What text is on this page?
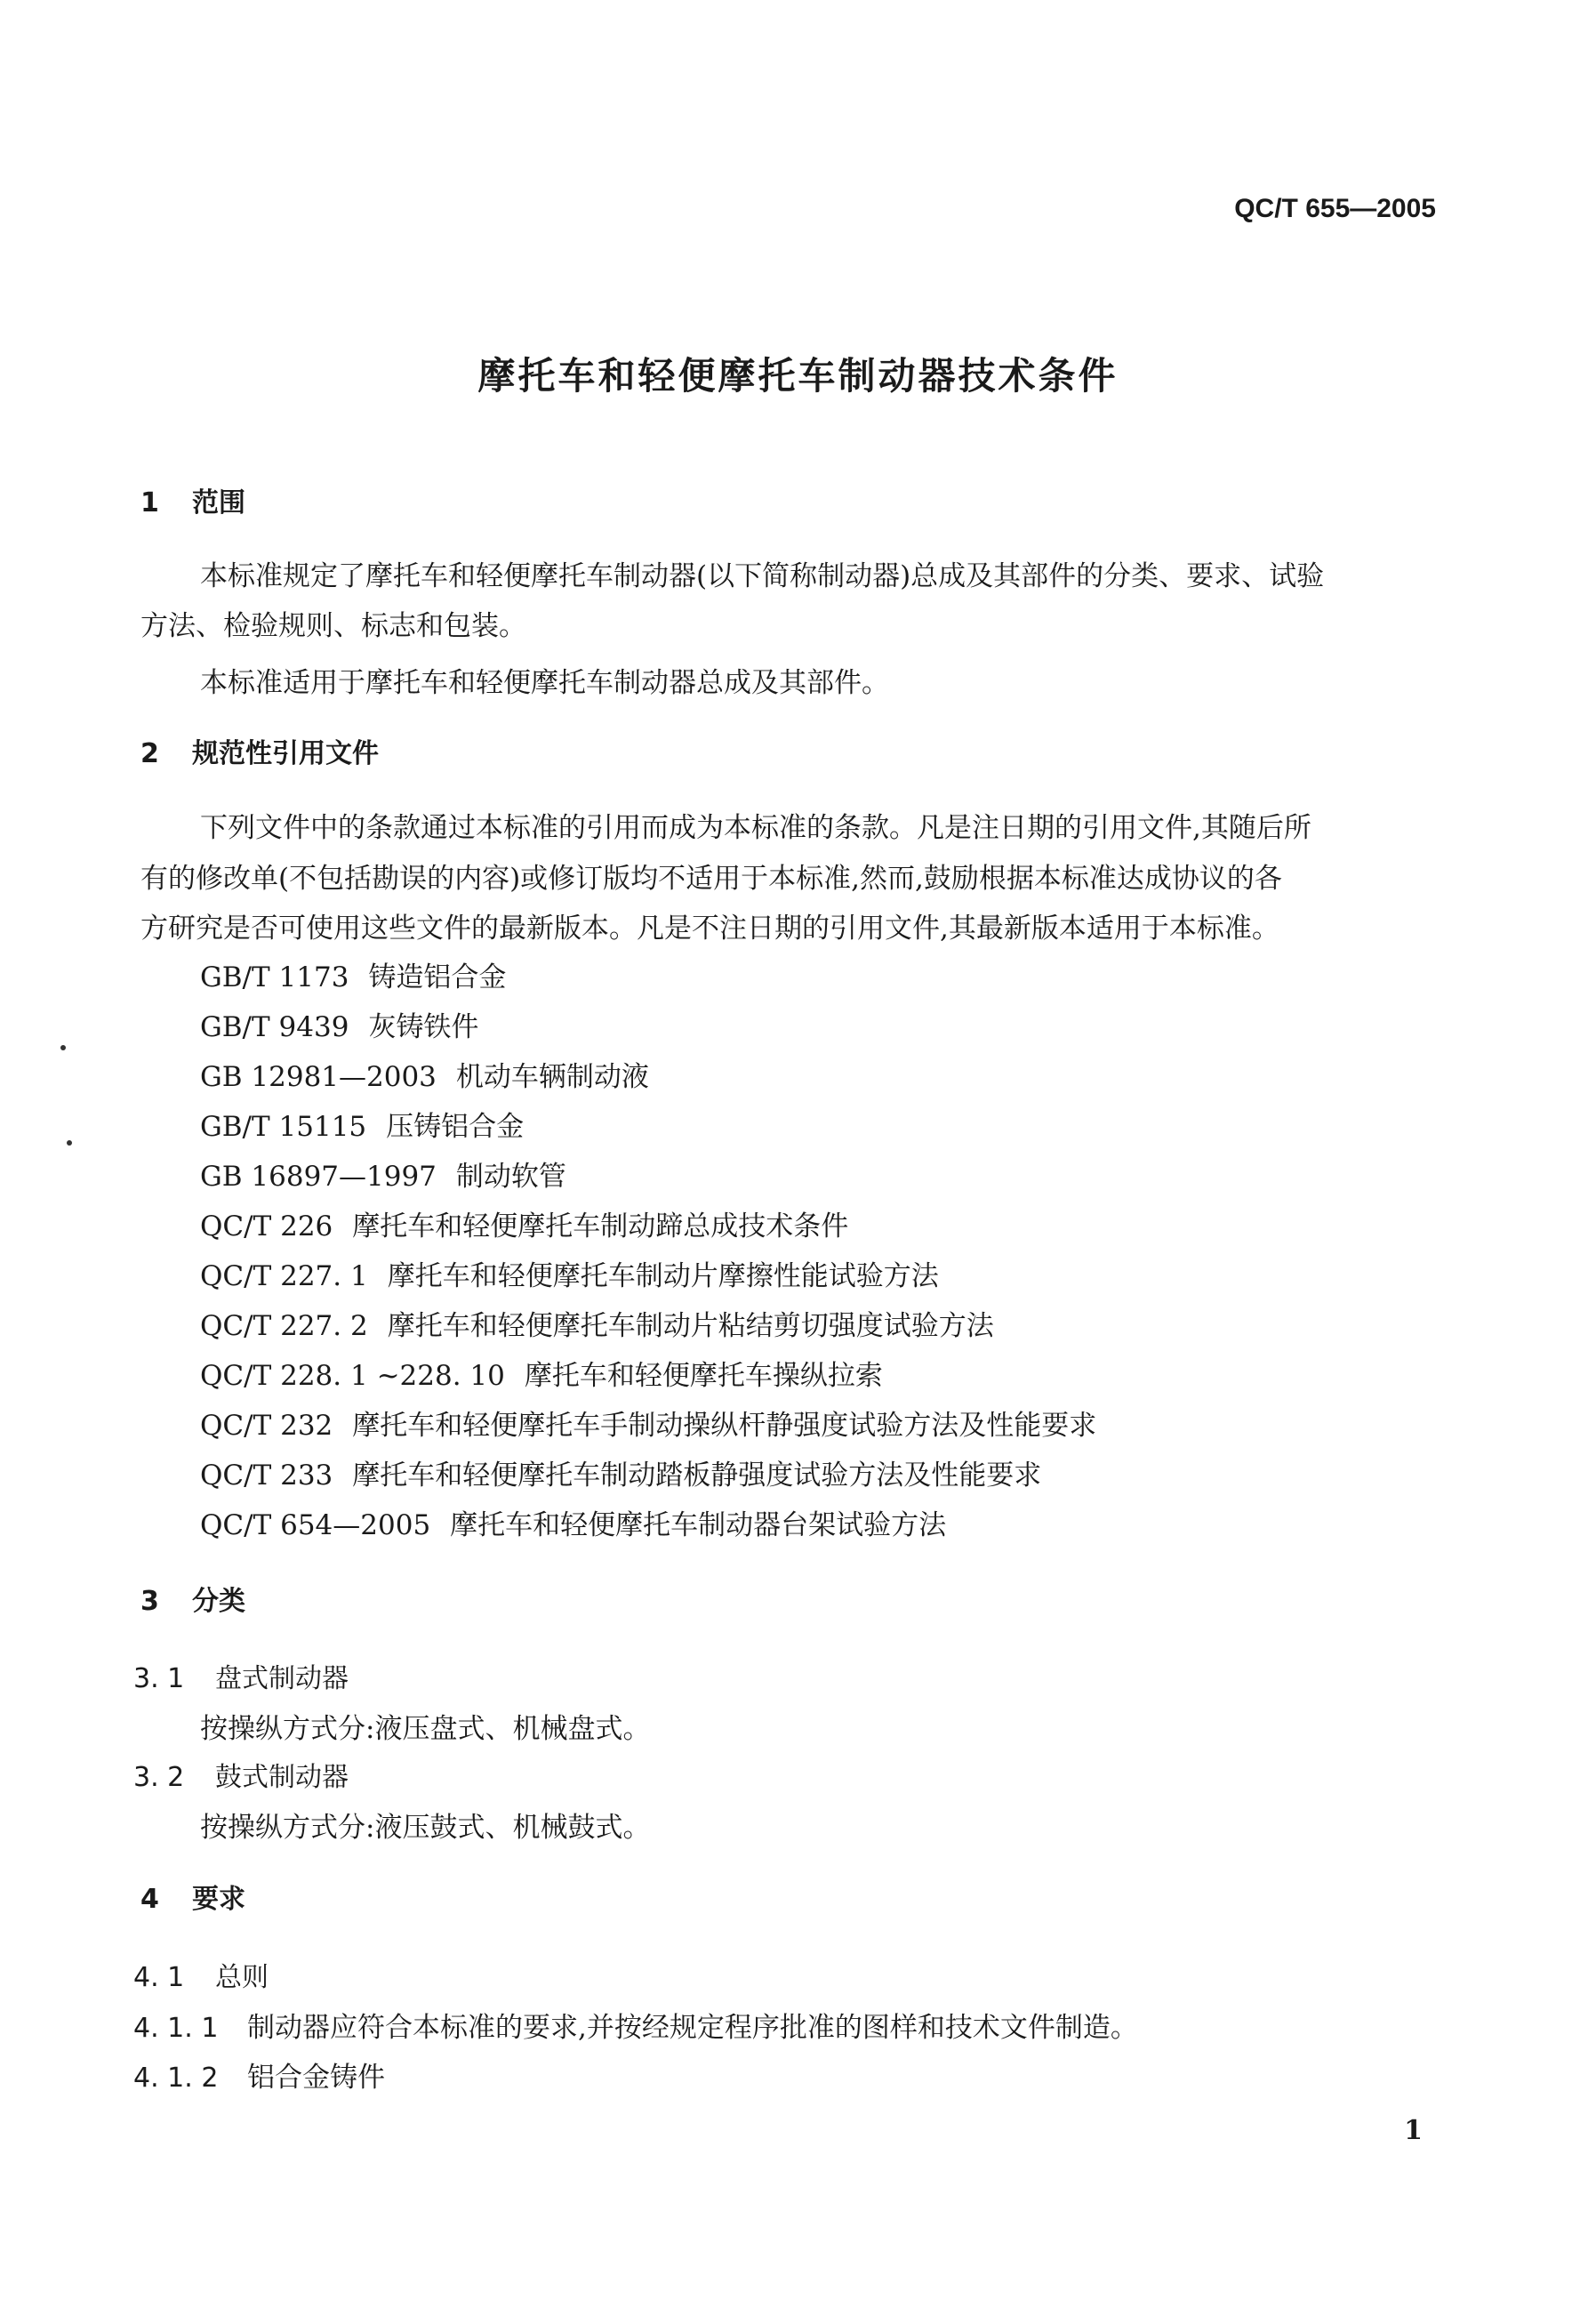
QC/T 655—2005
摩托车和轻便摩托车制动器技术条件
1 范围
本标准规定了摩托车和轻便摩托车制动器(以下简称制动器)总成及其部件的分类、要求、试验
方法、检验规则、标志和包装。
本标准适用于摩托车和轻便摩托车制动器总成及其部件。
2 规范性引用文件
下列文件中的条款通过本标准的引用而成为本标准的条款。凡是注日期的引用文件,其随后所
有的修改单(不包括勘误的内容)或修订版均不适用于本标准,然而,鼓励根据本标准达成协议的各
方研究是否可使用这些文件的最新版本。凡是不注日期的引用文件,其最新版本适用于本标准。
GB/T 1173 铸造铝合金
GB/T 9439 灰铸铁件
GB 12981—2003 机动车辆制动液
GB/T 15115 压铸铝合金
GB 16897—1997 制动软管
QC/T 226 摩托车和轻便摩托车制动蹄总成技术条件
QC/T 227. 1 摩托车和轻便摩托车制动片摩擦性能试验方法
QC/T 227. 2 摩托车和轻便摩托车制动片粘结剪切强度试验方法
QC/T 228. 1 ~228. 10 摩托车和轻便摩托车操纵拉索
QC/T 232 摩托车和轻便摩托车手制动操纵杆静强度试验方法及性能要求
QC/T 233 摩托车和轻便摩托车制动踏板静强度试验方法及性能要求
QC/T 654—2005 摩托车和轻便摩托车制动器台架试验方法
3 分类
3. 1 盘式制动器
按操纵方式分:液压盘式、机械盘式。
3. 2 鼓式制动器
按操纵方式分:液压鼓式、机械鼓式。
4 要求
4. 1 总则
4. 1. 1 制动器应符合本标准的要求,并按经规定程序批准的图样和技术文件制造。
4. 1. 2 铝合金铸件
1
